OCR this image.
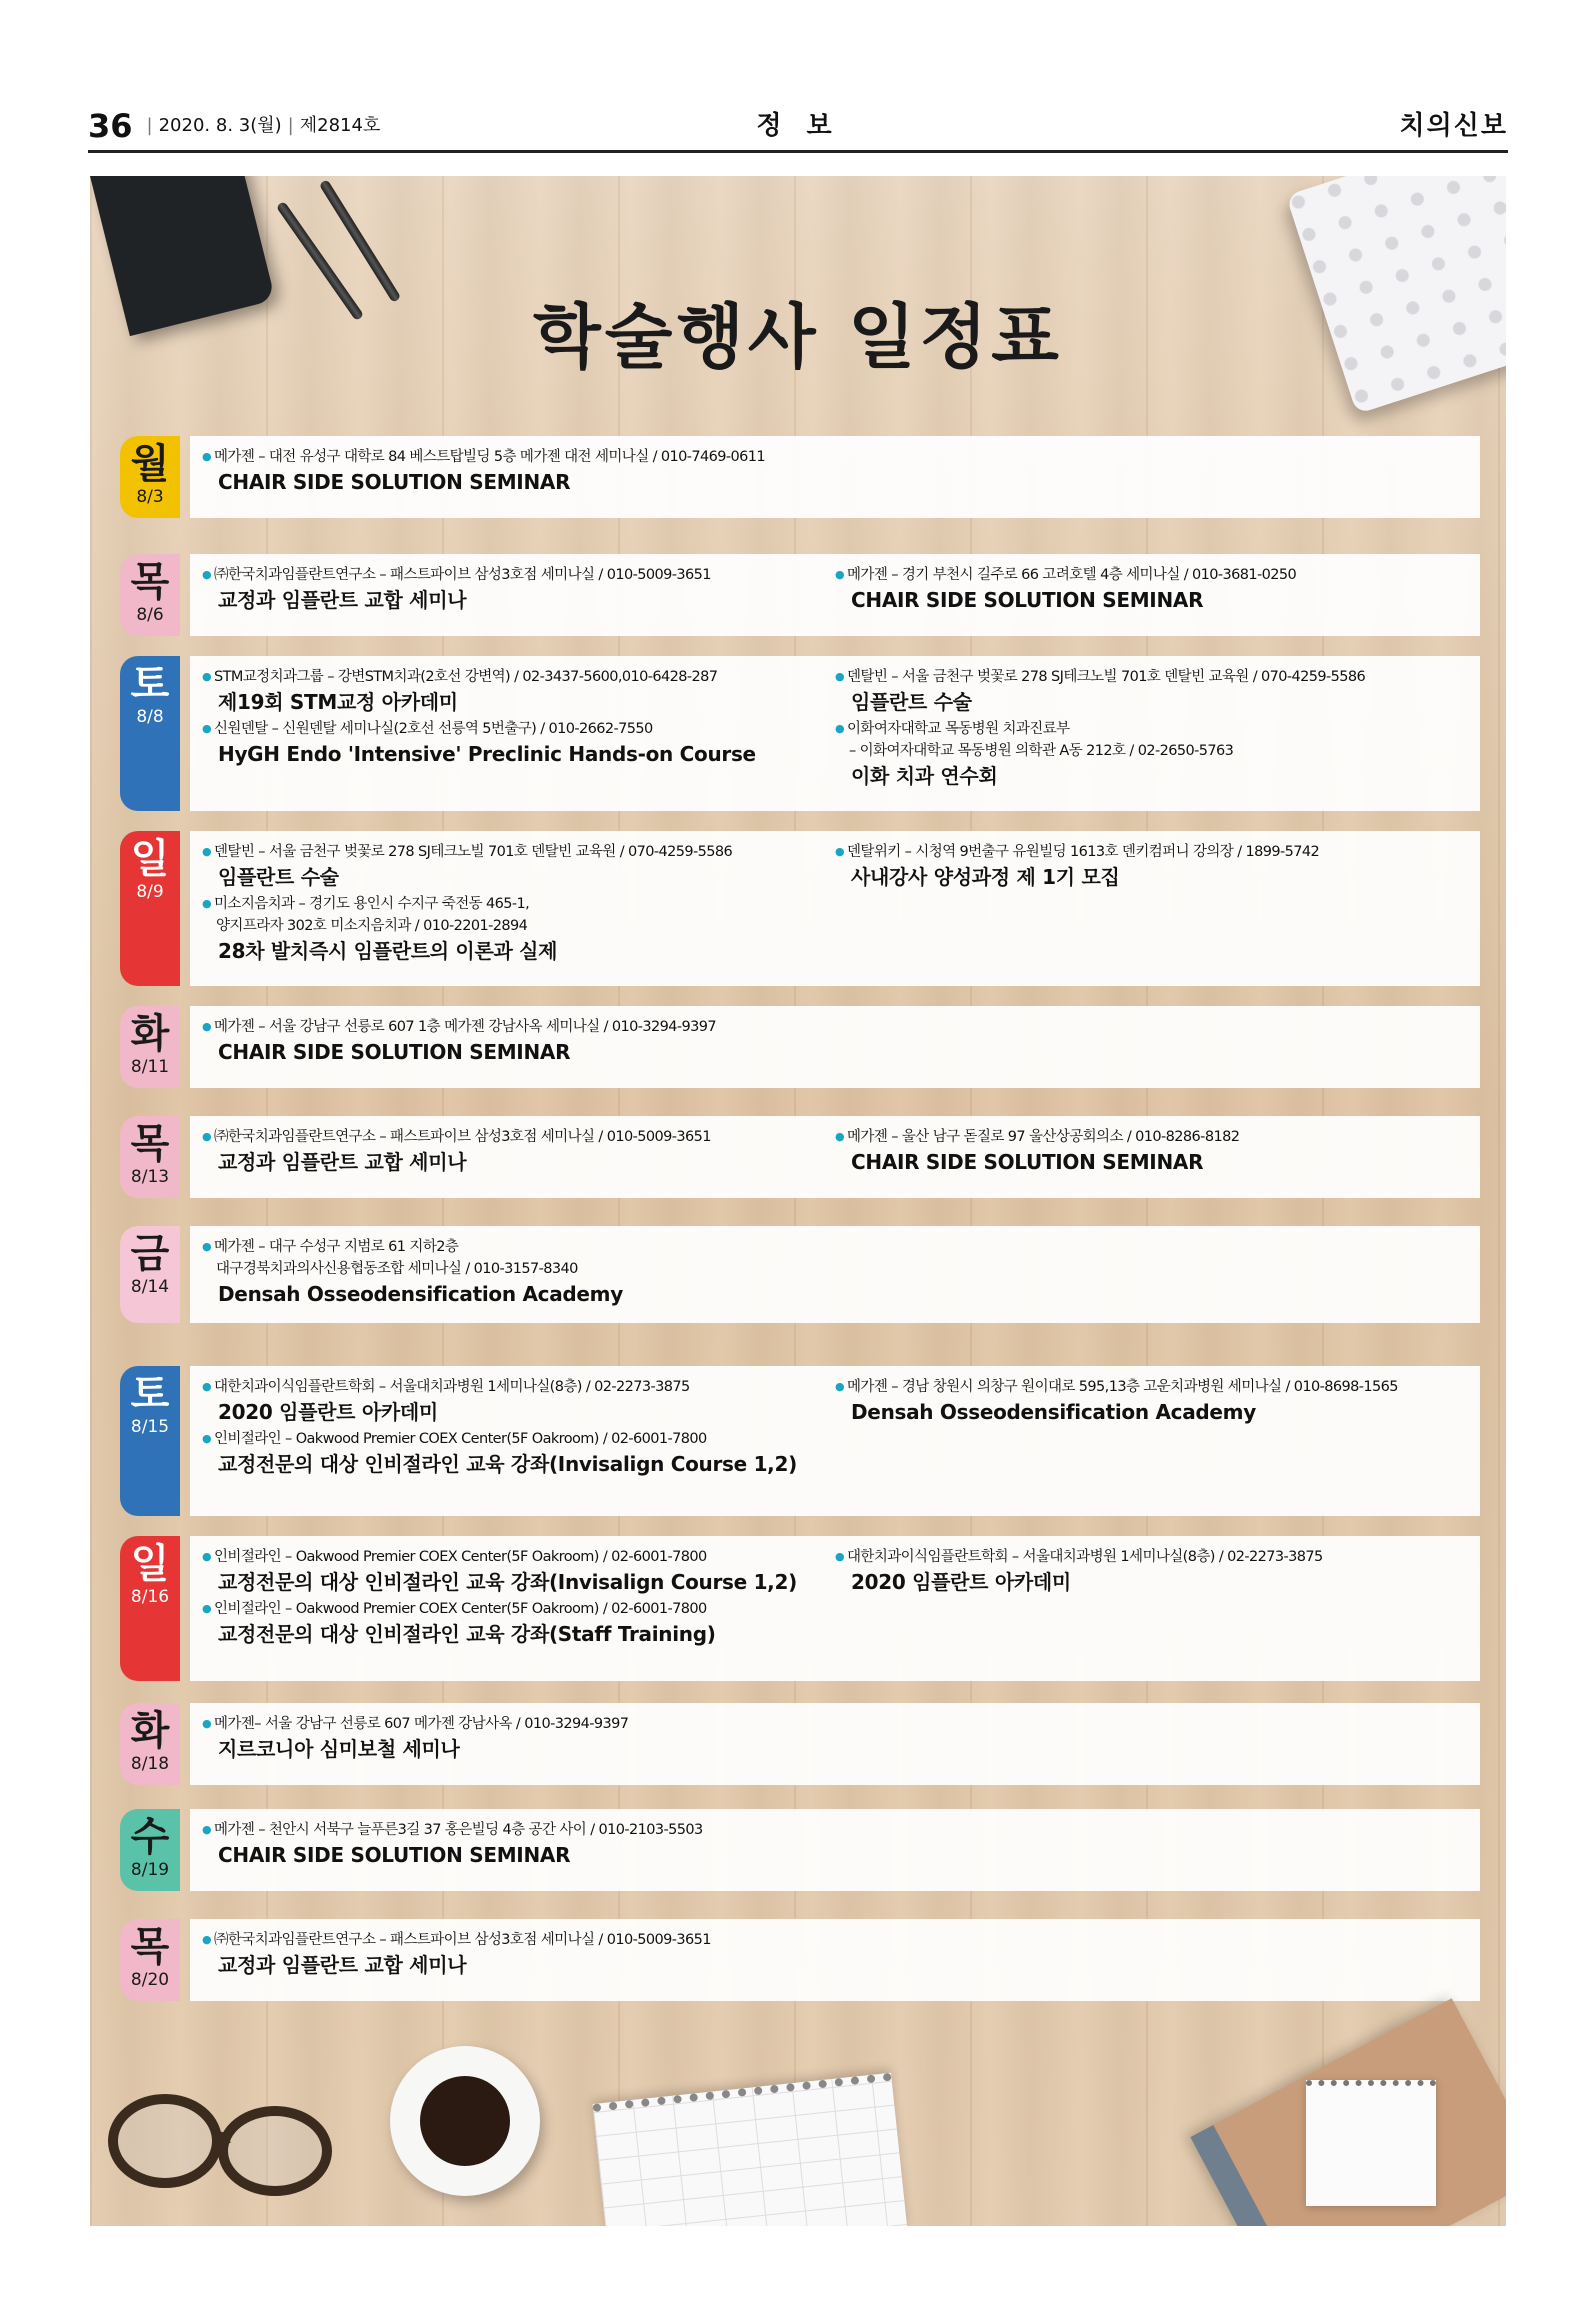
36 | 2020. 8. 3(월) | 제2814호	정 보	치의신보
학술행사 일정표
월
8/3
● 메가젠 – 대전 유성구 대학로 84 베스트탑빌딩 5층 메가젠 대전 세미나실 / 010-7469-0611
CHAIR SIDE SOLUTION SEMINAR
목
8/6
● ㈜한국치과임플란트연구소 – 패스트파이브 삼성3호점 세미나실 / 010-5009-3651
교정과 임플란트 교합 세미나
● 메가젠 – 경기 부천시 길주로 66 고려호텔 4층 세미나실 / 010-3681-0250
CHAIR SIDE SOLUTION SEMINAR
토
8/8
● STM교정치과그룹 – 강변STM치과(2호선 강변역) / 02-3437-5600,010-6428-287
제19회 STM교정 아카데미
● 신원덴탈 – 신원덴탈 세미나실(2호선 선릉역 5번출구) / 010-2662-7550
HyGH Endo 'Intensive' Preclinic Hands-on Course
● 덴탈빈 – 서울 금천구 벚꽃로 278 SJ테크노빌 701호 덴탈빈 교육원 / 070-4259-5586
임플란트 수술
● 이화여자대학교 목동병원 치과진료부
– 이화여자대학교 목동병원 의학관 A동 212호 / 02-2650-5763
이화 치과 연수회
일
8/9
● 덴탈빈 – 서울 금천구 벚꽃로 278 SJ테크노빌 701호 덴탈빈 교육원 / 070-4259-5586
임플란트 수술
● 미소지음치과 – 경기도 용인시 수지구 죽전동 465-1,
양지프라자 302호 미소지음치과 / 010-2201-2894
28차 발치즉시 임플란트의 이론과 실제
● 덴탈위키 – 시청역 9번출구 유원빌딩 1613호 덴키컴퍼니 강의장 / 1899-5742
사내강사 양성과정 제 1기 모집
화
8/11
● 메가젠 – 서울 강남구 선릉로 607 1층 메가젠 강남사옥 세미나실 / 010-3294-9397
CHAIR SIDE SOLUTION SEMINAR
목
8/13
● ㈜한국치과임플란트연구소 – 패스트파이브 삼성3호점 세미나실 / 010-5009-3651
교정과 임플란트 교합 세미나
● 메가젠 – 울산 남구 돋질로 97 울산상공회의소 / 010-8286-8182
CHAIR SIDE SOLUTION SEMINAR
금
8/14
● 메가젠 – 대구 수성구 지범로 61 지하2층
대구경북치과의사신용협동조합 세미나실 / 010-3157-8340
Densah Osseodensification Academy
토
8/15
● 대한치과이식임플란트학회 – 서울대치과병원 1세미나실(8층) / 02-2273-3875
2020 임플란트 아카데미
● 인비절라인 – Oakwood Premier COEX Center(5F Oakroom) / 02-6001-7800
교정전문의 대상 인비절라인 교육 강좌(Invisalign Course 1,2)
● 메가젠 – 경남 창원시 의창구 원이대로 595,13층 고운치과병원 세미나실 / 010-8698-1565
Densah Osseodensification Academy
일
8/16
● 인비절라인 – Oakwood Premier COEX Center(5F Oakroom) / 02-6001-7800
교정전문의 대상 인비절라인 교육 강좌(Invisalign Course 1,2)
● 인비절라인 – Oakwood Premier COEX Center(5F Oakroom) / 02-6001-7800
교정전문의 대상 인비절라인 교육 강좌(Staff Training)
● 대한치과이식임플란트학회 – 서울대치과병원 1세미나실(8층) / 02-2273-3875
2020 임플란트 아카데미
화
8/18
● 메가젠– 서울 강남구 선릉로 607 메가젠 강남사옥 / 010-3294-9397
지르코니아 심미보철 세미나
수
8/19
● 메가젠 – 천안시 서북구 늘푸른3길 37 홍은빌딩 4층 공간 사이 / 010-2103-5503
CHAIR SIDE SOLUTION SEMINAR
목
8/20
● ㈜한국치과임플란트연구소 – 패스트파이브 삼성3호점 세미나실 / 010-5009-3651
교정과 임플란트 교합 세미나
